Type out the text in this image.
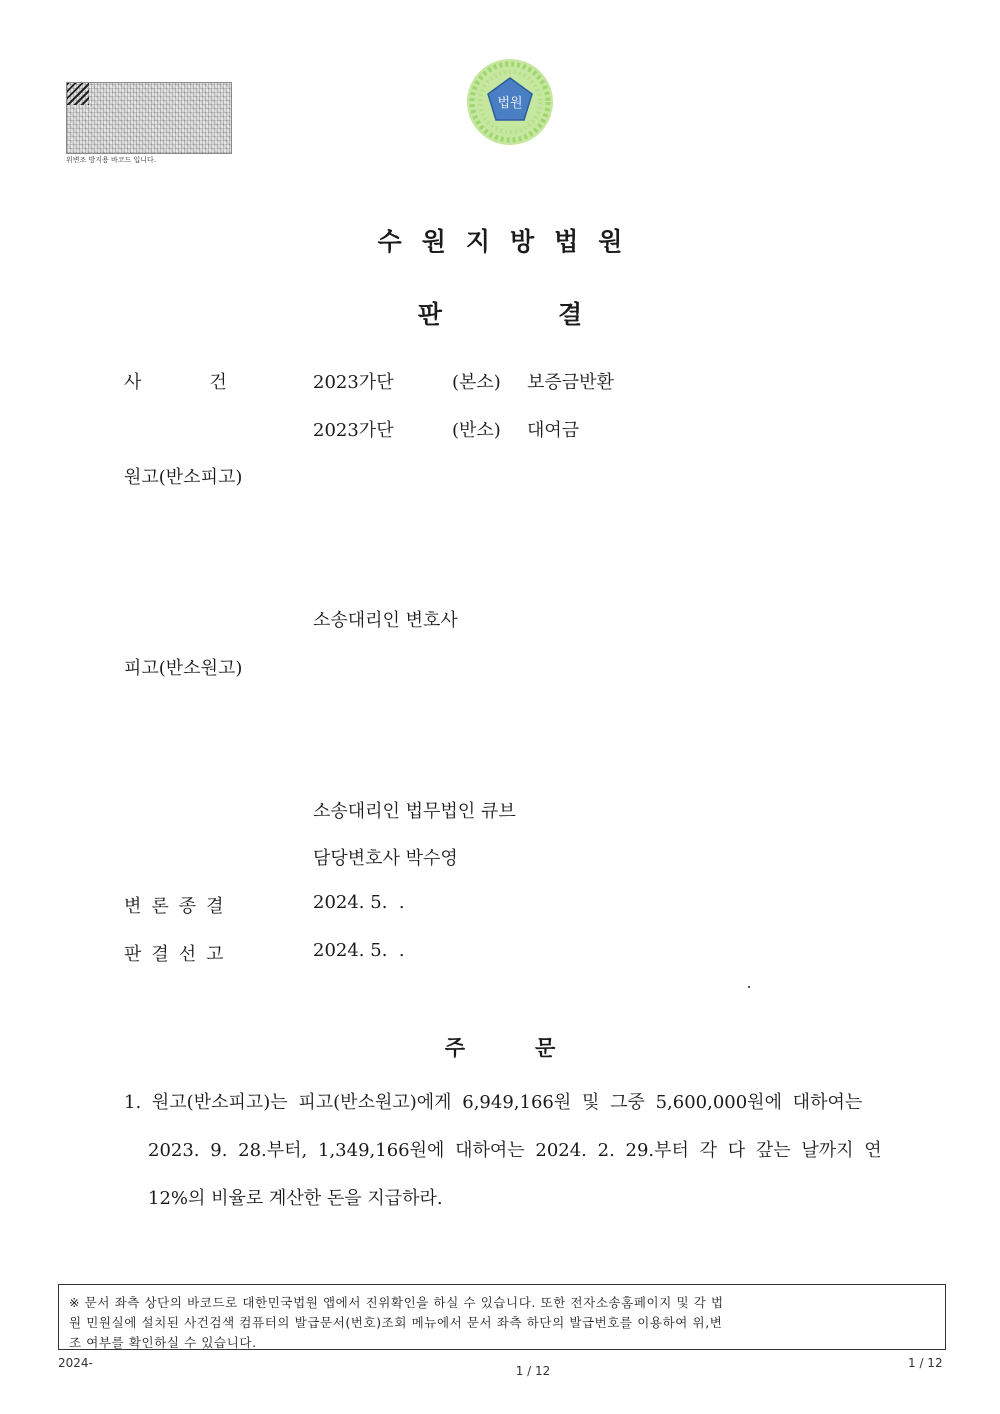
위변조 방지용 바코드 입니다.
법원
수원지방법원
판결
사건 2023가단	(본소) 보증금반환
2023가단	(반소) 대여금
원고(반소피고)
소송대리인 변호사
피고(반소원고)
소송대리인 법무법인 큐브
담당변호사 박수영
변론종결	2024. 5.  .
판결선고	2024. 5.  .
주문
1. 원고(반소피고)는 피고(반소원고)에게 6,949,166원 및 그중 5,600,000원에 대하여는
2023. 9. 28.부터, 1,349,166원에 대하여는 2024. 2. 29.부터 각 다 갚는 날까지 연
12%의 비율로 계산한 돈을 지급하라.
※ 문서 좌측 상단의 바코드로 대한민국법원 앱에서 진위확인을 하실 수 있습니다. 또한 전자소송홈페이지 및 각 법
원 민원실에 설치된 사건검색 컴퓨터의 발급문서(번호)조회 메뉴에서 문서 좌측 하단의 발급번호를 이용하여 위,변
조 여부를 확인하실 수 있습니다.
2024-
1 / 12
1 / 12
